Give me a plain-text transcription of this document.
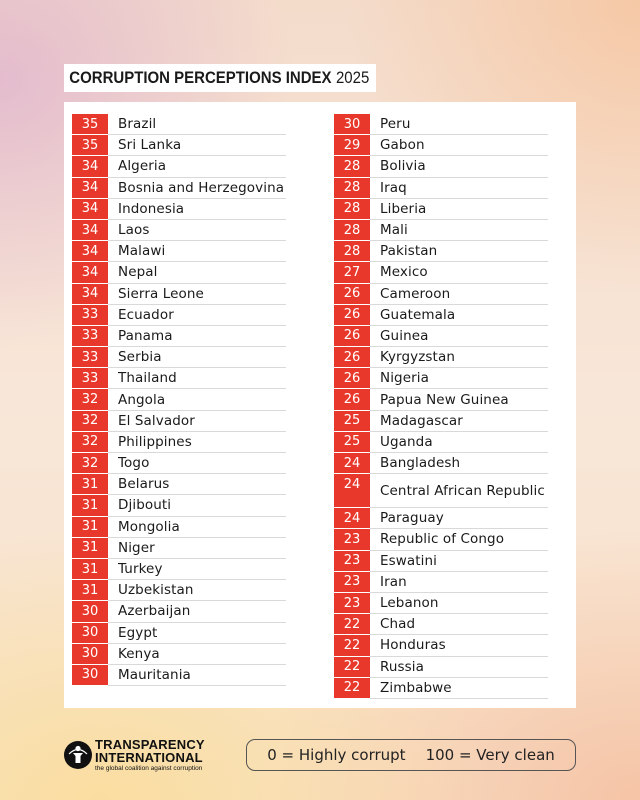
CORRUPTION PERCEPTIONS INDEX 2025
35	Brazil
35	Sri Lanka
34	Algeria
34	Bosnia and Herzegovina
34	Indonesia
34	Laos
34	Malawi
34	Nepal
34	Sierra Leone
33	Ecuador
33	Panama
33	Serbia
33	Thailand
32	Angola
32	El Salvador
32	Philippines
32	Togo
31	Belarus
31	Djibouti
31	Mongolia
31	Niger
31	Turkey
31	Uzbekistan
30	Azerbaijan
30	Egypt
30	Kenya
30	Mauritania
30	Peru
29	Gabon
28	Bolivia
28	Iraq
28	Liberia
28	Mali
28	Pakistan
27	Mexico
26	Cameroon
26	Guatemala
26	Guinea
26	Kyrgyzstan
26	Nigeria
26	Papua New Guinea
25	Madagascar
25	Uganda
24	Bangladesh
24	Central African Republic
24	Paraguay
23	Republic of Congo
23	Eswatini
23	Iran
23	Lebanon
22	Chad
22	Honduras
22	Russia
22	Zimbabwe
TRANSPARENCY
INTERNATIONAL
the global coalition against corruption
0 = Highly corrupt 100 = Very clean
